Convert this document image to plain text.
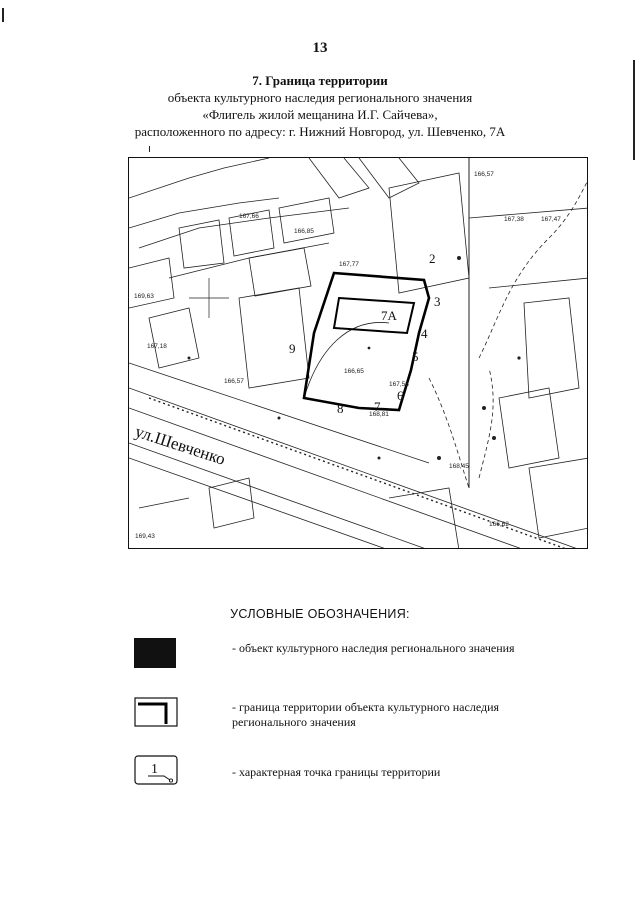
13
7. Граница территории
объекта культурного наследия регионального значения
«Флигель жилой мещанина И.Г. Сайчева»,
расположенного по адресу: г. Нижний Новгород, ул. Шевченко, 7А
7А
ул.Шевченко
2
3
4
5
6
7
8
9
167,77
166,57
167,66
166,85
166,65
166,57
168,45
169,43
167,38	167,47
167,18
168,81
169,63
167,53
166,62
УСЛОВНЫЕ ОБОЗНАЧЕНИЯ:
- объект культурного наследия регионального значения
- граница территории объекта культурного наследия регионального значения
1	- характерная точка границы территории
